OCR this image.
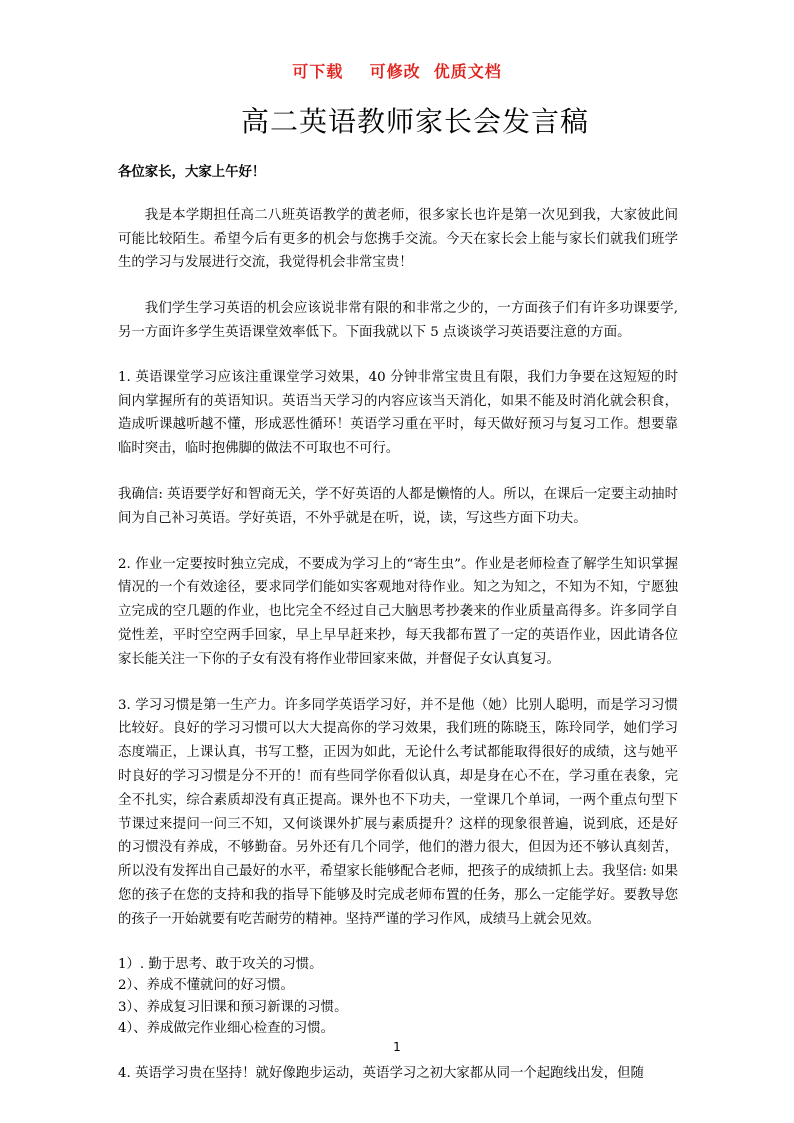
可下载    可修改  优质文档
高二英语教师家长会发言稿

各位家长，大家上午好！

我是本学期担任高二八班英语教学的黄老师，很多家长也许是第一次见到我，大家彼此间可能比较陌生。希望今后有更多的机会与您携手交流。今天在家长会上能与家长们就我们班学生的学习与发展进行交流，我觉得机会非常宝贵！

我们学生学习英语的机会应该说非常有限的和非常之少的，一方面孩子们有许多功课要学,另一方面许多学生英语课堂效率低下。下面我就以下 5 点谈谈学习英语要注意的方面。

1. 英语课堂学习应该注重课堂学习效果，40 分钟非常宝贵且有限，我们力争要在这短短的时间内掌握所有的英语知识。英语当天学习的内容应该当天消化，如果不能及时消化就会积食，造成听课越听越不懂，形成恶性循环！英语学习重在平时，每天做好预习与复习工作。想要靠临时突击，临时抱佛脚的做法不可取也不可行。

我确信: 英语要学好和智商无关，学不好英语的人都是懒惰的人。所以，在课后一定要主动抽时间为自己补习英语。学好英语，不外乎就是在听，说，读，写这些方面下功夫。

2. 作业一定要按时独立完成，不要成为学习上的“寄生虫”。作业是老师检查了解学生知识掌握情况的一个有效途径，要求同学们能如实客观地对待作业。知之为知之，不知为不知，宁愿独立完成的空几题的作业，也比完全不经过自己大脑思考抄袭来的作业质量高得多。许多同学自觉性差，平时空空两手回家，早上早早赶来抄，每天我都布置了一定的英语作业，因此请各位家长能关注一下你的子女有没有将作业带回家来做，并督促子女认真复习。

3. 学习习惯是第一生产力。许多同学英语学习好，并不是他（她）比别人聪明，而是学习习惯比较好。良好的学习习惯可以大大提高你的学习效果，我们班的陈晓玉，陈玲同学，她们学习态度端正，上课认真，书写工整，正因为如此，无论什么考试都能取得很好的成绩，这与她平时良好的学习习惯是分不开的！而有些同学你看似认真，却是身在心不在，学习重在表象，完全不扎实，综合素质却没有真正提高。课外也不下功夫，一堂课几个单词，一两个重点句型下节课过来提问一问三不知，又何谈课外扩展与素质提升？这样的现象很普遍，说到底，还是好的习惯没有养成，不够勤奋。另外还有几个同学，他们的潜力很大，但因为还不够认真刻苦，所以没有发挥出自己最好的水平，希望家长能够配合老师，把孩子的成绩抓上去。我坚信: 如果您的孩子在您的支持和我的指导下能够及时完成老师布置的任务，那么一定能学好。要教导您的孩子一开始就要有吃苦耐劳的精神。坚持严谨的学习作风，成绩马上就会见效。

1）. 勤于思考、敢于攻关的习惯。

2）、养成不懂就问的好习惯。

3）、养成复习旧课和预习新课的习惯。

4）、养成做完作业细心检查的习惯。

4. 英语学习贵在坚持！就好像跑步运动，英语学习之初大家都从同一个起跑线出发，但随

1
